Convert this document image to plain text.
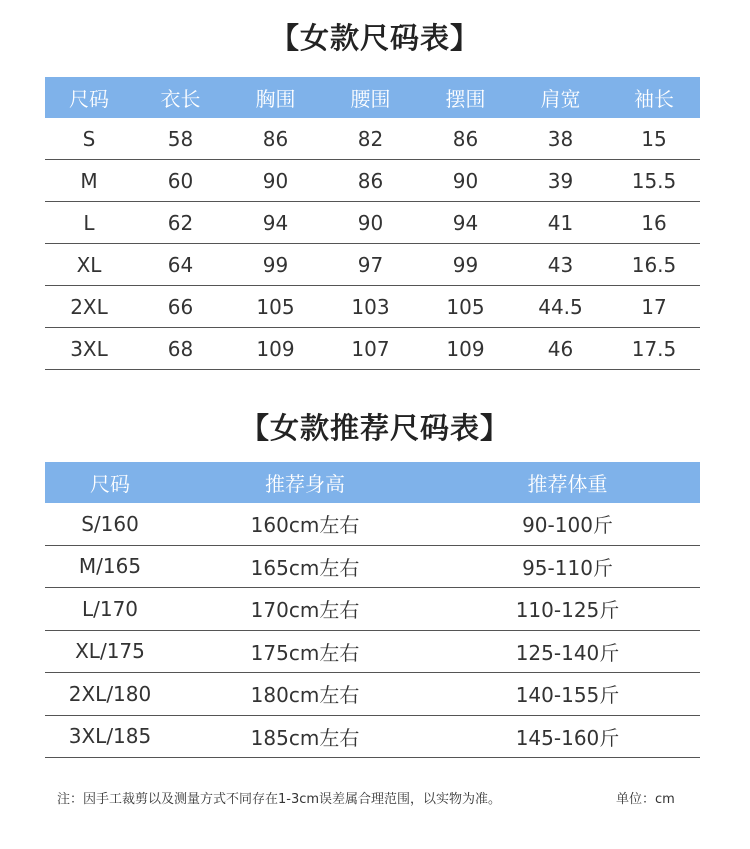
【女款尺码表】
尺码	衣长	胸围	腰围	摆围	肩宽	袖长
S	58	86	82	86	38	15
M	60	90	86	90	39	15.5
L	62	94	90	94	41	16
XL	64	99	97	99	43	16.5
2XL	66	105	103	105	44.5	17
3XL	68	109	107	109	46	17.5
【女款推荐尺码表】
尺码	推荐身高	推荐体重
S/160	160cm左右	90-100斤
M/165	165cm左右	95-110斤
L/170	170cm左右	110-125斤
XL/175	175cm左右	125-140斤
2XL/180	180cm左右	140-155斤
3XL/185	185cm左右	145-160斤
注：因手工裁剪以及测量方式不同存在1-3cm误差属合理范围，以实物为准。	单位：cm
